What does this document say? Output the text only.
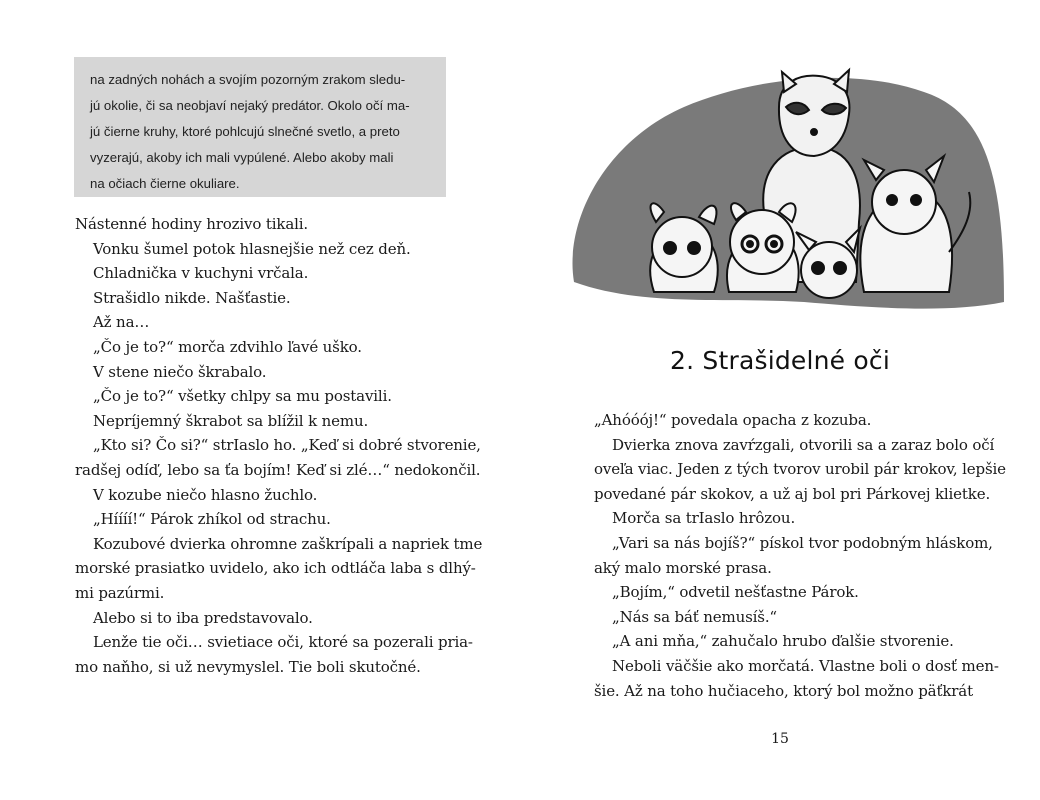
na zadných nohách a svojím pozorným zrakom sledu-
jú okolie, či sa neobjaví nejaký predátor. Okolo očí ma-
jú čierne kruhy, ktoré pohlcujú slnečné svetlo, a preto
vyzerajú, akoby ich mali vypúlené. Alebo akoby mali
na očiach čierne okuliare.
Nástenné hodiny hrozivo tikali.
Vonku šumel potok hlasnejšie než cez deň.
Chladnička v kuchyni vrčala.
Strašidlo nikde. Našťastie.
Až na…
„Čo je to?“ morča zdvihlo ľavé uško.
V stene niečo škrabalo.
„Čo je to?“ všetky chlpy sa mu postavili.
Nepríjemný škrabot sa blížil k nemu.
„Kto si? Čo si?“ strIaslo ho. „Keď si dobré stvorenie,
radšej odíď, lebo sa ťa bojím! Keď si zlé…“ nedokončil.
V kozube niečo hlasno žuchlo.
„Híííí!“ Párok zhíkol od strachu.
Kozubové dvierka ohromne zaškrípali a napriek tme
morské prasiatko uvidelo, ako ich odtláča laba s dlhý-
mi pazúrmi.
Alebo si to iba predstavovalo.
Lenže tie oči… svietiace oči, ktoré sa pozerali pria-
mo naňho, si už nevymyslel. Tie boli skutočné.
2. Strašidelné oči
„Ahóóój!“ povedala opacha z kozuba.
Dvierka znova zavŕzgali, otvorili sa a zaraz bolo očí
oveľa viac. Jeden z tých tvorov urobil pár krokov, lepšie
povedané pár skokov, a už aj bol pri Párkovej klietke.
Morča sa trIaslo hrôzou.
„Vari sa nás bojíš?“ pískol tvor podobným hláskom,
aký malo morské prasa.
„Bojím,“ odvetil nešťastne Párok.
„Nás sa báť nemusíš.“
„A ani mňa,“ zahučalo hrubo ďalšie stvorenie.
Neboli väčšie ako morčatá. Vlastne boli o dosť men-
šie. Až na toho hučiaceho, ktorý bol možno päťkrát
15
